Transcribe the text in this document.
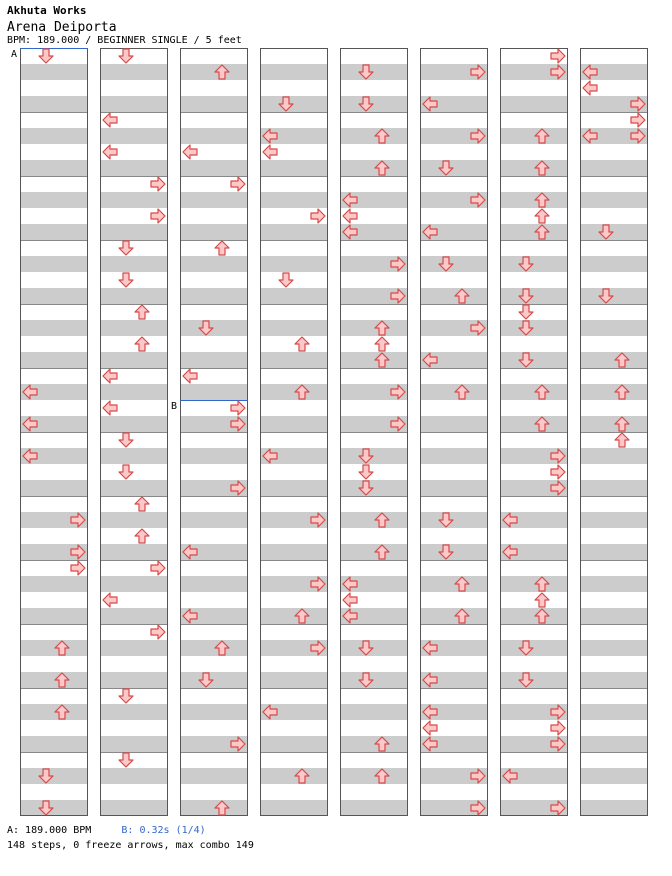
Akhuta Works
Arena Deiporta
BPM: 189.000 / BEGINNER SINGLE / 5 feet
A
B
A: 189.000 BPM	B: 0.32s (1/4)
148 steps, 0 freeze arrows, max combo 149
